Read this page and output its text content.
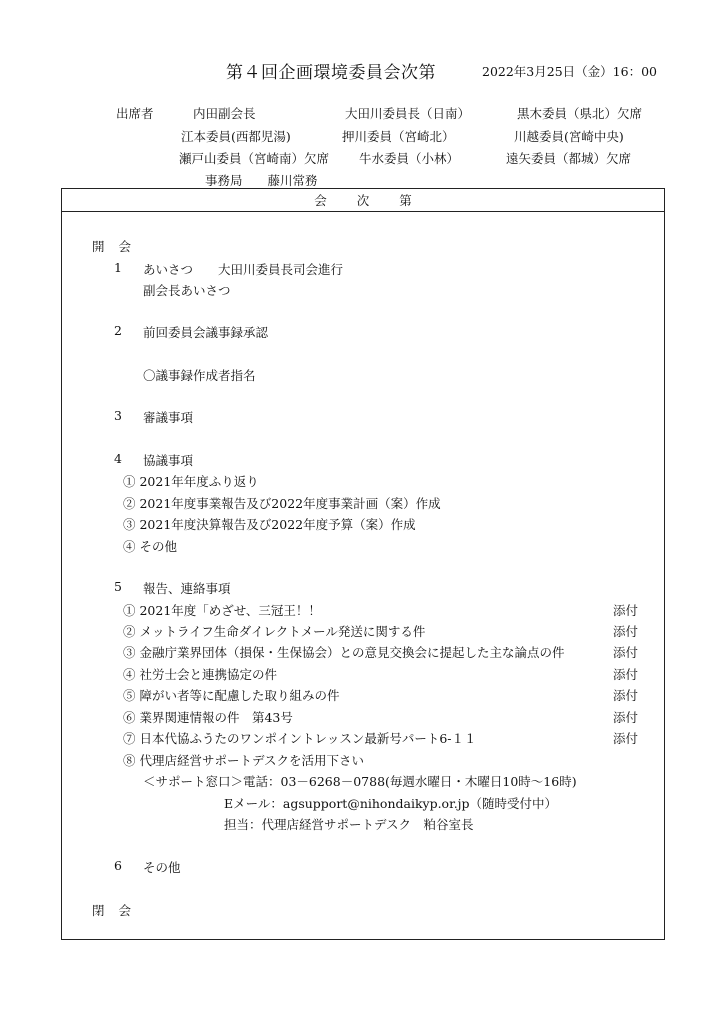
第４回企画環境委員会次第	2022年3月25日（金）16：00
出席者	内田副会長	大田川委員長（日南）	黒木委員（県北）欠席
江本委員(西都児湯)	押川委員（宮崎北）	川越委員(宮崎中央)
瀬戸山委員（宮崎南）欠席 牛水委員（小林）	遠矢委員（都城）欠席
事務局　　藤川常務
会次第
開会
1 あいさつ　　大田川委員長司会進行
副会長あいさつ
2 前回委員会議事録承認
〇議事録作成者指名
3 審議事項
4 協議事項
① 2021年年度ふり返り
② 2021年度事業報告及び2022年度事業計画（案）作成
③ 2021年度決算報告及び2022年度予算（案）作成
④ その他
5 報告、連絡事項
① 2021年度「めざせ、三冠王！！	添付
② メットライフ生命ダイレクトメール発送に関する件	添付
③ 金融庁業界団体（損保・生保協会）との意見交換会に提起した主な論点の件	添付
④ 社労士会と連携協定の件	添付
⑤ 障がい者等に配慮した取り組みの件	添付
⑥ 業界関連情報の件　第43号	添付
⑦ 日本代協ふうたのワンポイントレッスン最新号パート6-１１	添付
⑧ 代理店経営サポートデスクを活用下さい
＜サポート窓口＞電話：03－6268－0788(毎週水曜日・木曜日10時～16時)
Eメール：agsupport@nihondaikyp.or.jp（随時受付中）
担当：代理店経営サポートデスク　粕谷室長
6 その他
閉会
